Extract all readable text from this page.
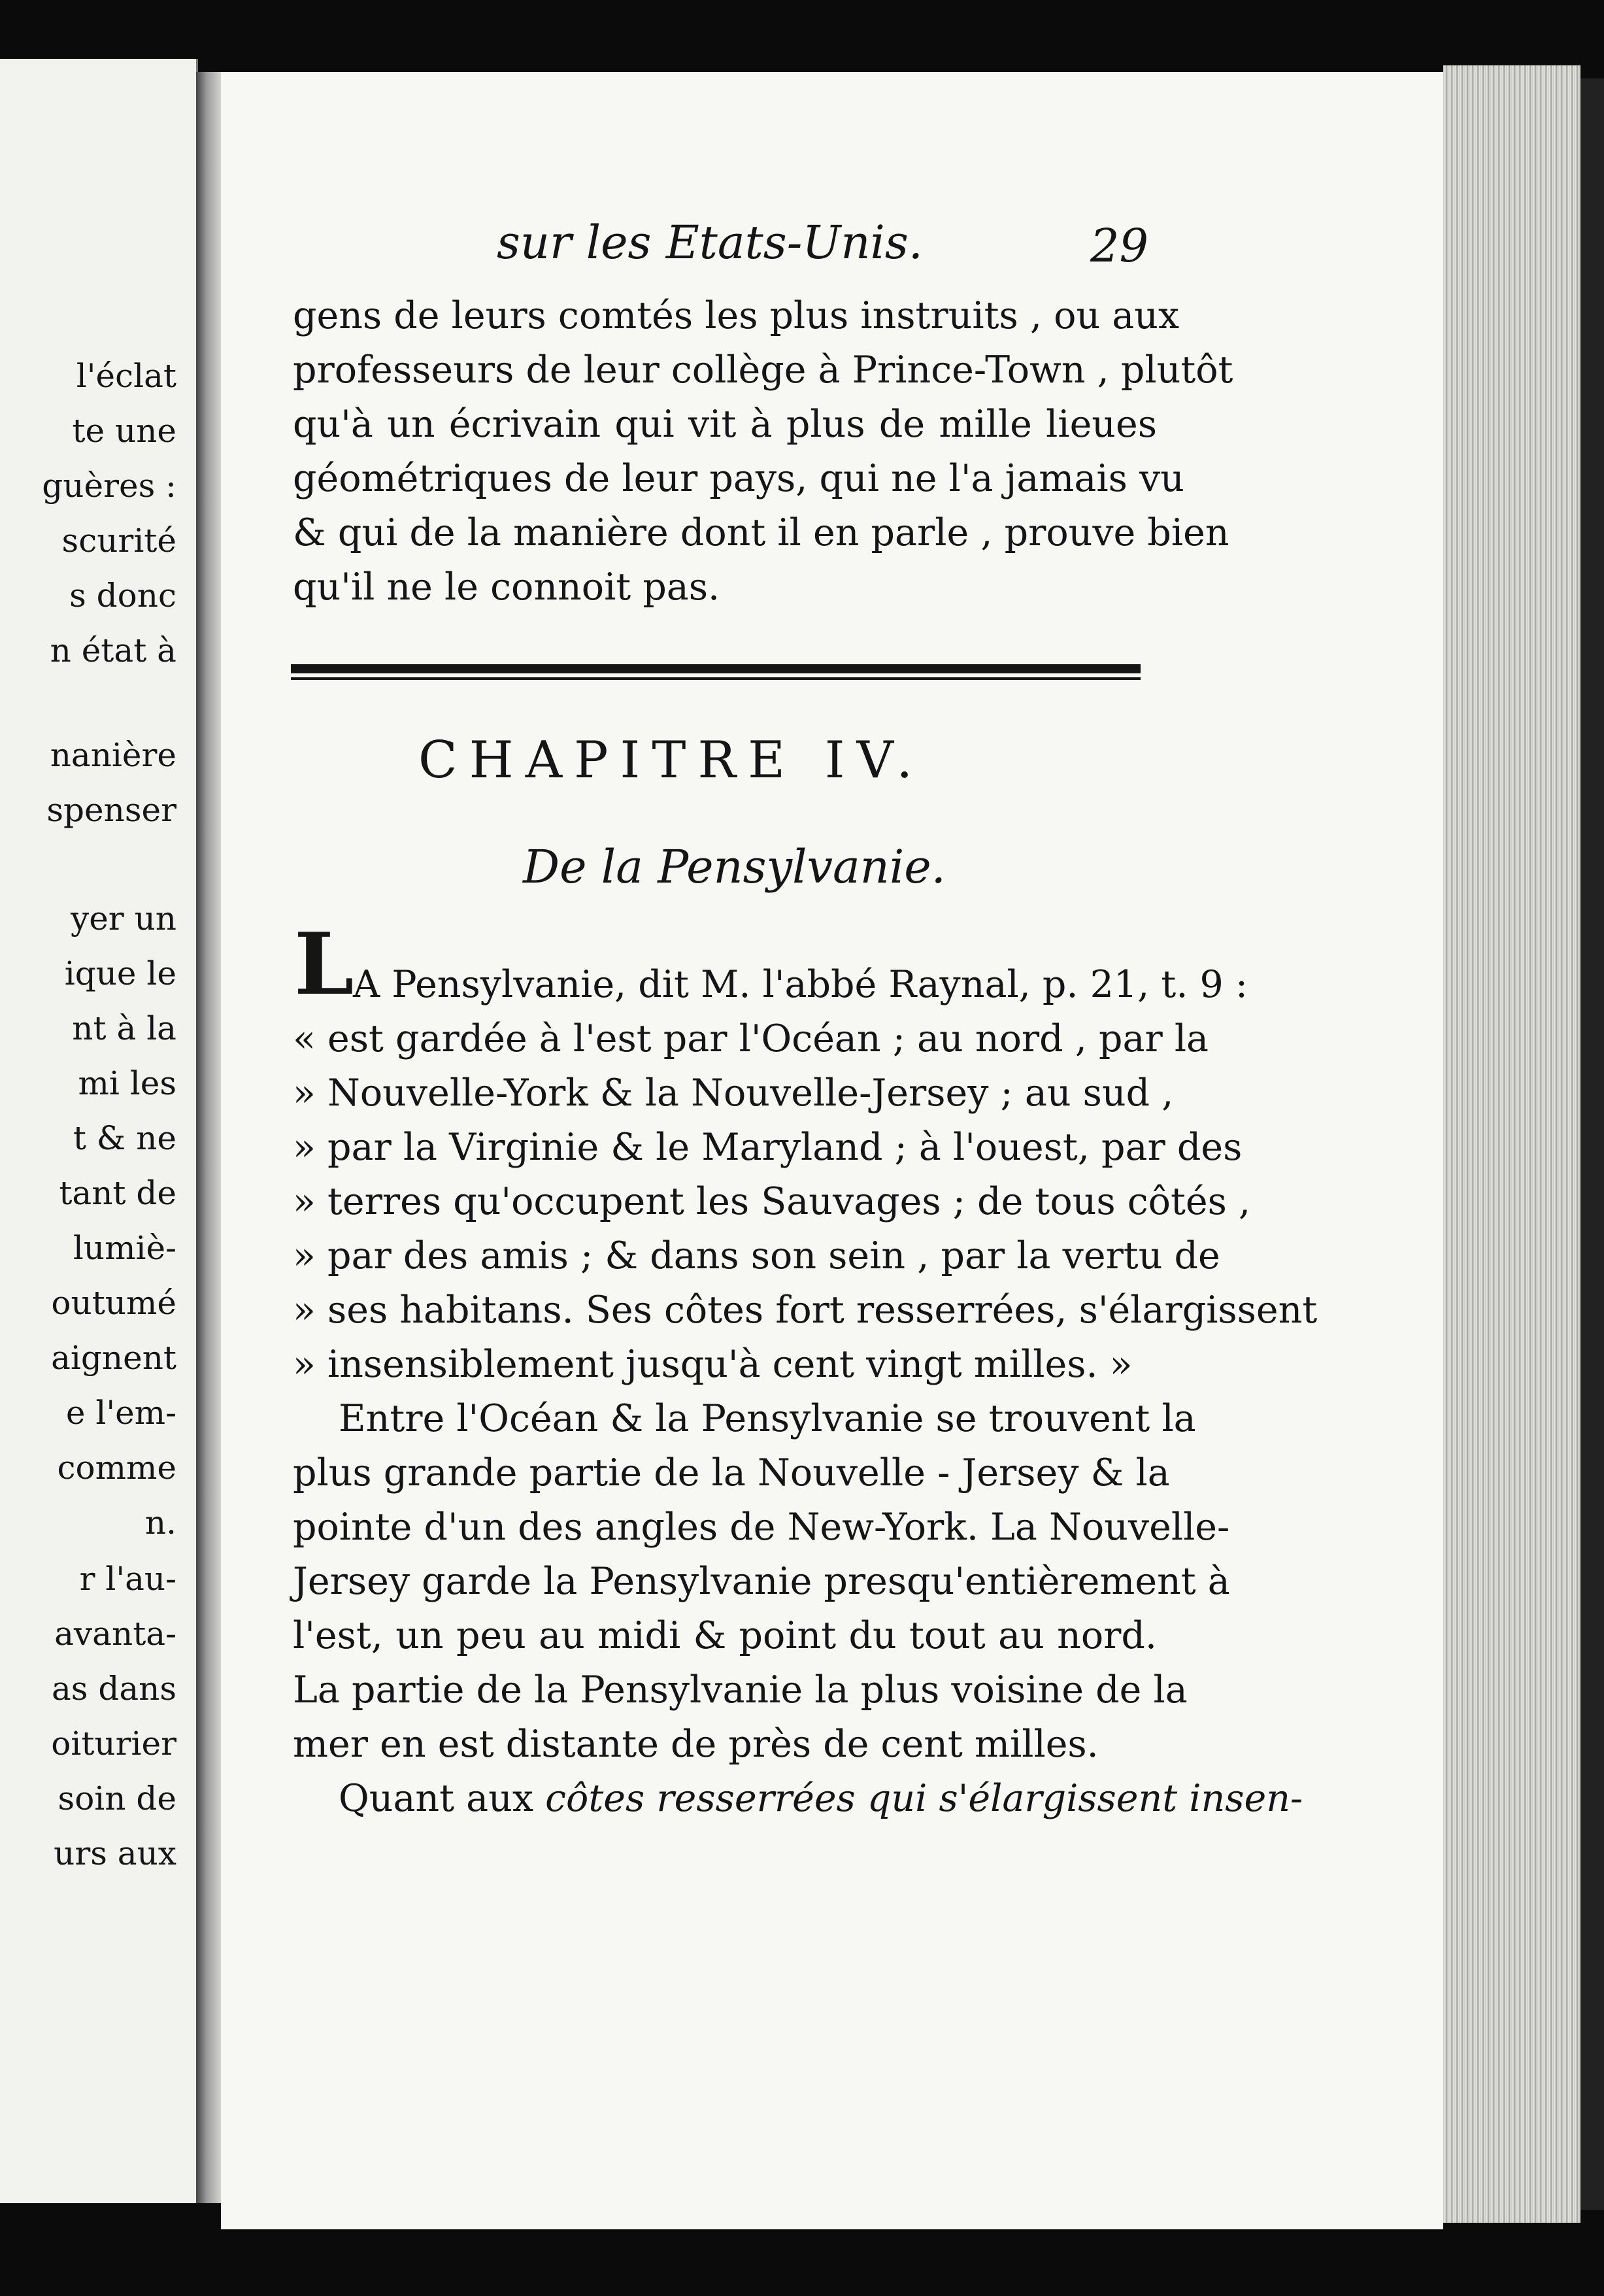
l'éclat
te une
guères :
scurité
s donc
n état à
nanière
spenser
yer un
ique le
nt à la
mi les
t & ne
tant de
lumiè-
outumé
aignent
e l'em-
comme
n.
r l'au-
avanta-
as dans
oiturier
soin de
urs aux
sur les Etats-Unis.	29
gens de leurs comtés les plus instruits , ou aux
professeurs de leur collège à Prince-Town , plutôt
qu'à un écrivain qui vit à plus de mille lieues
géométriques de leur pays, qui ne l'a jamais vu
& qui de la manière dont il en parle , prouve bien
qu'il ne le connoit pas.
CHAPITRE IV.
De la Pensylvanie.
L
A Pensylvanie, dit M. l'abbé Raynal, p. 21, t. 9 :
« est gardée à l'est par l'Océan ; au nord , par la
» Nouvelle-York & la Nouvelle-Jersey ; au sud ,
» par la Virginie & le Maryland ; à l'ouest, par des
» terres qu'occupent les Sauvages ; de tous côtés ,
» par des amis ; & dans son sein , par la vertu de
» ses habitans. Ses côtes fort resserrées, s'élargissent
» insensiblement jusqu'à cent vingt milles. »
Entre l'Océan & la Pensylvanie se trouvent la
plus grande partie de la Nouvelle - Jersey & la
pointe d'un des angles de New-York. La Nouvelle-
Jersey garde la Pensylvanie presqu'entièrement à
l'est, un peu au midi & point du tout au nord.
La partie de la Pensylvanie la plus voisine de la
mer en est distante de près de cent milles.
Quant aux côtes resserrées qui s'élargissent insen-
